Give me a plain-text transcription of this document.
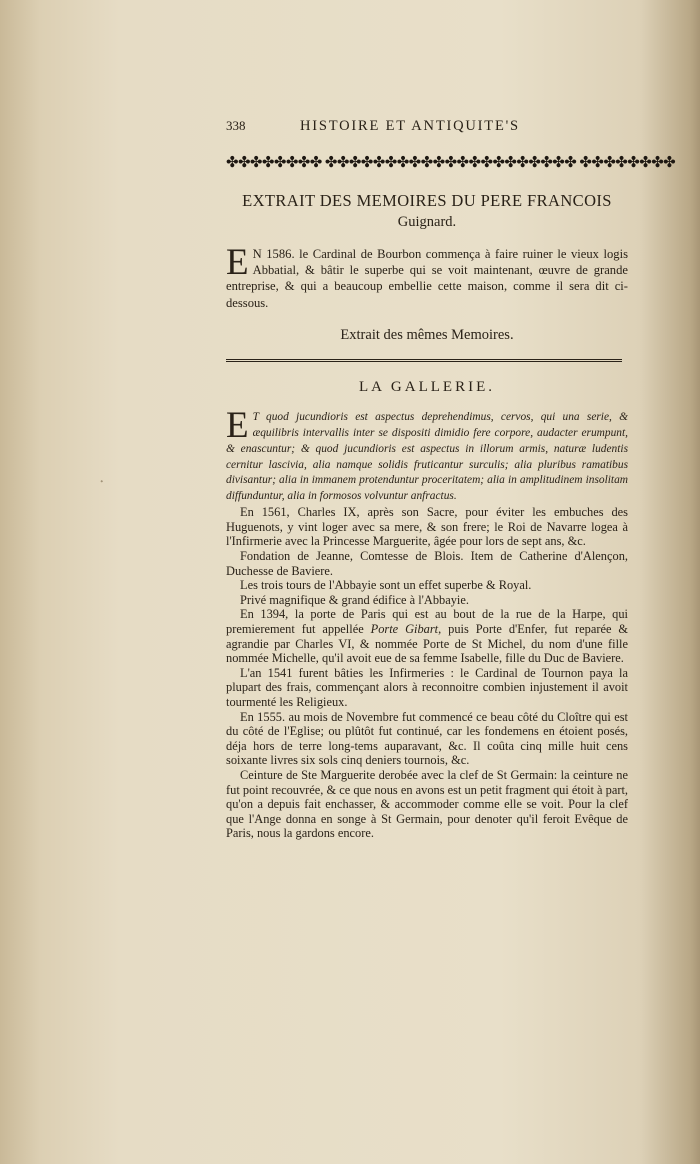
ᐩ
338	HISTOIRE ET ANTIQUITE'S
✤✤✤✤✤✤✤✤ ✤✤✤✤✤✤✤✤✤✤✤✤✤✤✤✤✤✤✤✤✤ ✤✤✤✤✤✤✤✤
EXTRAIT DES MEMOIRES DU PERE FRANCOIS
Guignard.
E N 1586. le Cardinal de Bourbon commença à faire ruiner le vieux logis Abbatial, & bâtir le superbe qui se voit maintenant, œuvre de grande entreprise, & qui a beaucoup embellie cette maison, comme il sera dit ci-dessous.
Extrait des mêmes Memoires.
LA GALLERIE.
E T quod jucundioris est aspectus deprehendimus, cervos, qui una serie, & æquilibris intervallis inter se dispositi dimidio fere corpore, audacter erumpunt, & enascuntur; & quod jucundioris est aspectus in illorum armis, naturæ ludentis cernitur lascivia, alia namque solidis fruticantur surculis; alia pluribus ramatibus divisantur; alia in immanem protenduntur proceritatem; alia in amplitudinem insolitam diffunduntur, alia in formosos volvuntur anfractus.

En 1561, Charles IX, après son Sacre, pour éviter les embuches des Huguenots, y vint loger avec sa mere, & son frere; le Roi de Navarre logea à l'Infirmerie avec la Princesse Marguerite, âgée pour lors de sept ans, &c.

Fondation de Jeanne, Comtesse de Blois. Item de Catherine d'Alençon, Duchesse de Baviere.

Les trois tours de l'Abbayie sont un effet superbe & Royal.

Privé magnifique & grand édifice à l'Abbayie.

En 1394, la porte de Paris qui est au bout de la rue de la Harpe, qui premierement fut appellée Porte Gibart, puis Porte d'Enfer, fut reparée & agrandie par Charles VI, & nommée Porte de St Michel, du nom d'une fille nommée Michelle, qu'il avoit eue de sa femme Isabelle, fille du Duc de Baviere.

L'an 1541 furent bâties les Infirmeries : le Cardinal de Tournon paya la plupart des frais, commençant alors à reconnoitre combien injustement il avoit tourmenté les Religieux.

En 1555. au mois de Novembre fut commencé ce beau côté du Cloître qui est du côté de l'Eglise; ou plûtôt fut continué, car les fondemens en étoient posés, déja hors de terre long-tems auparavant, &c. Il coûta cinq mille huit cens soixante livres six sols cinq deniers tournois, &c.

Ceinture de Ste Marguerite derobée avec la clef de St Germain: la ceinture ne fut point recouvrée, & ce que nous en avons est un petit fragment qui étoit à part, qu'on a depuis fait enchasser, & accommoder comme elle se voit. Pour la clef que l'Ange donna en songe à St Germain, pour denoter qu'il feroit Evêque de Paris, nous la gardons encore.
